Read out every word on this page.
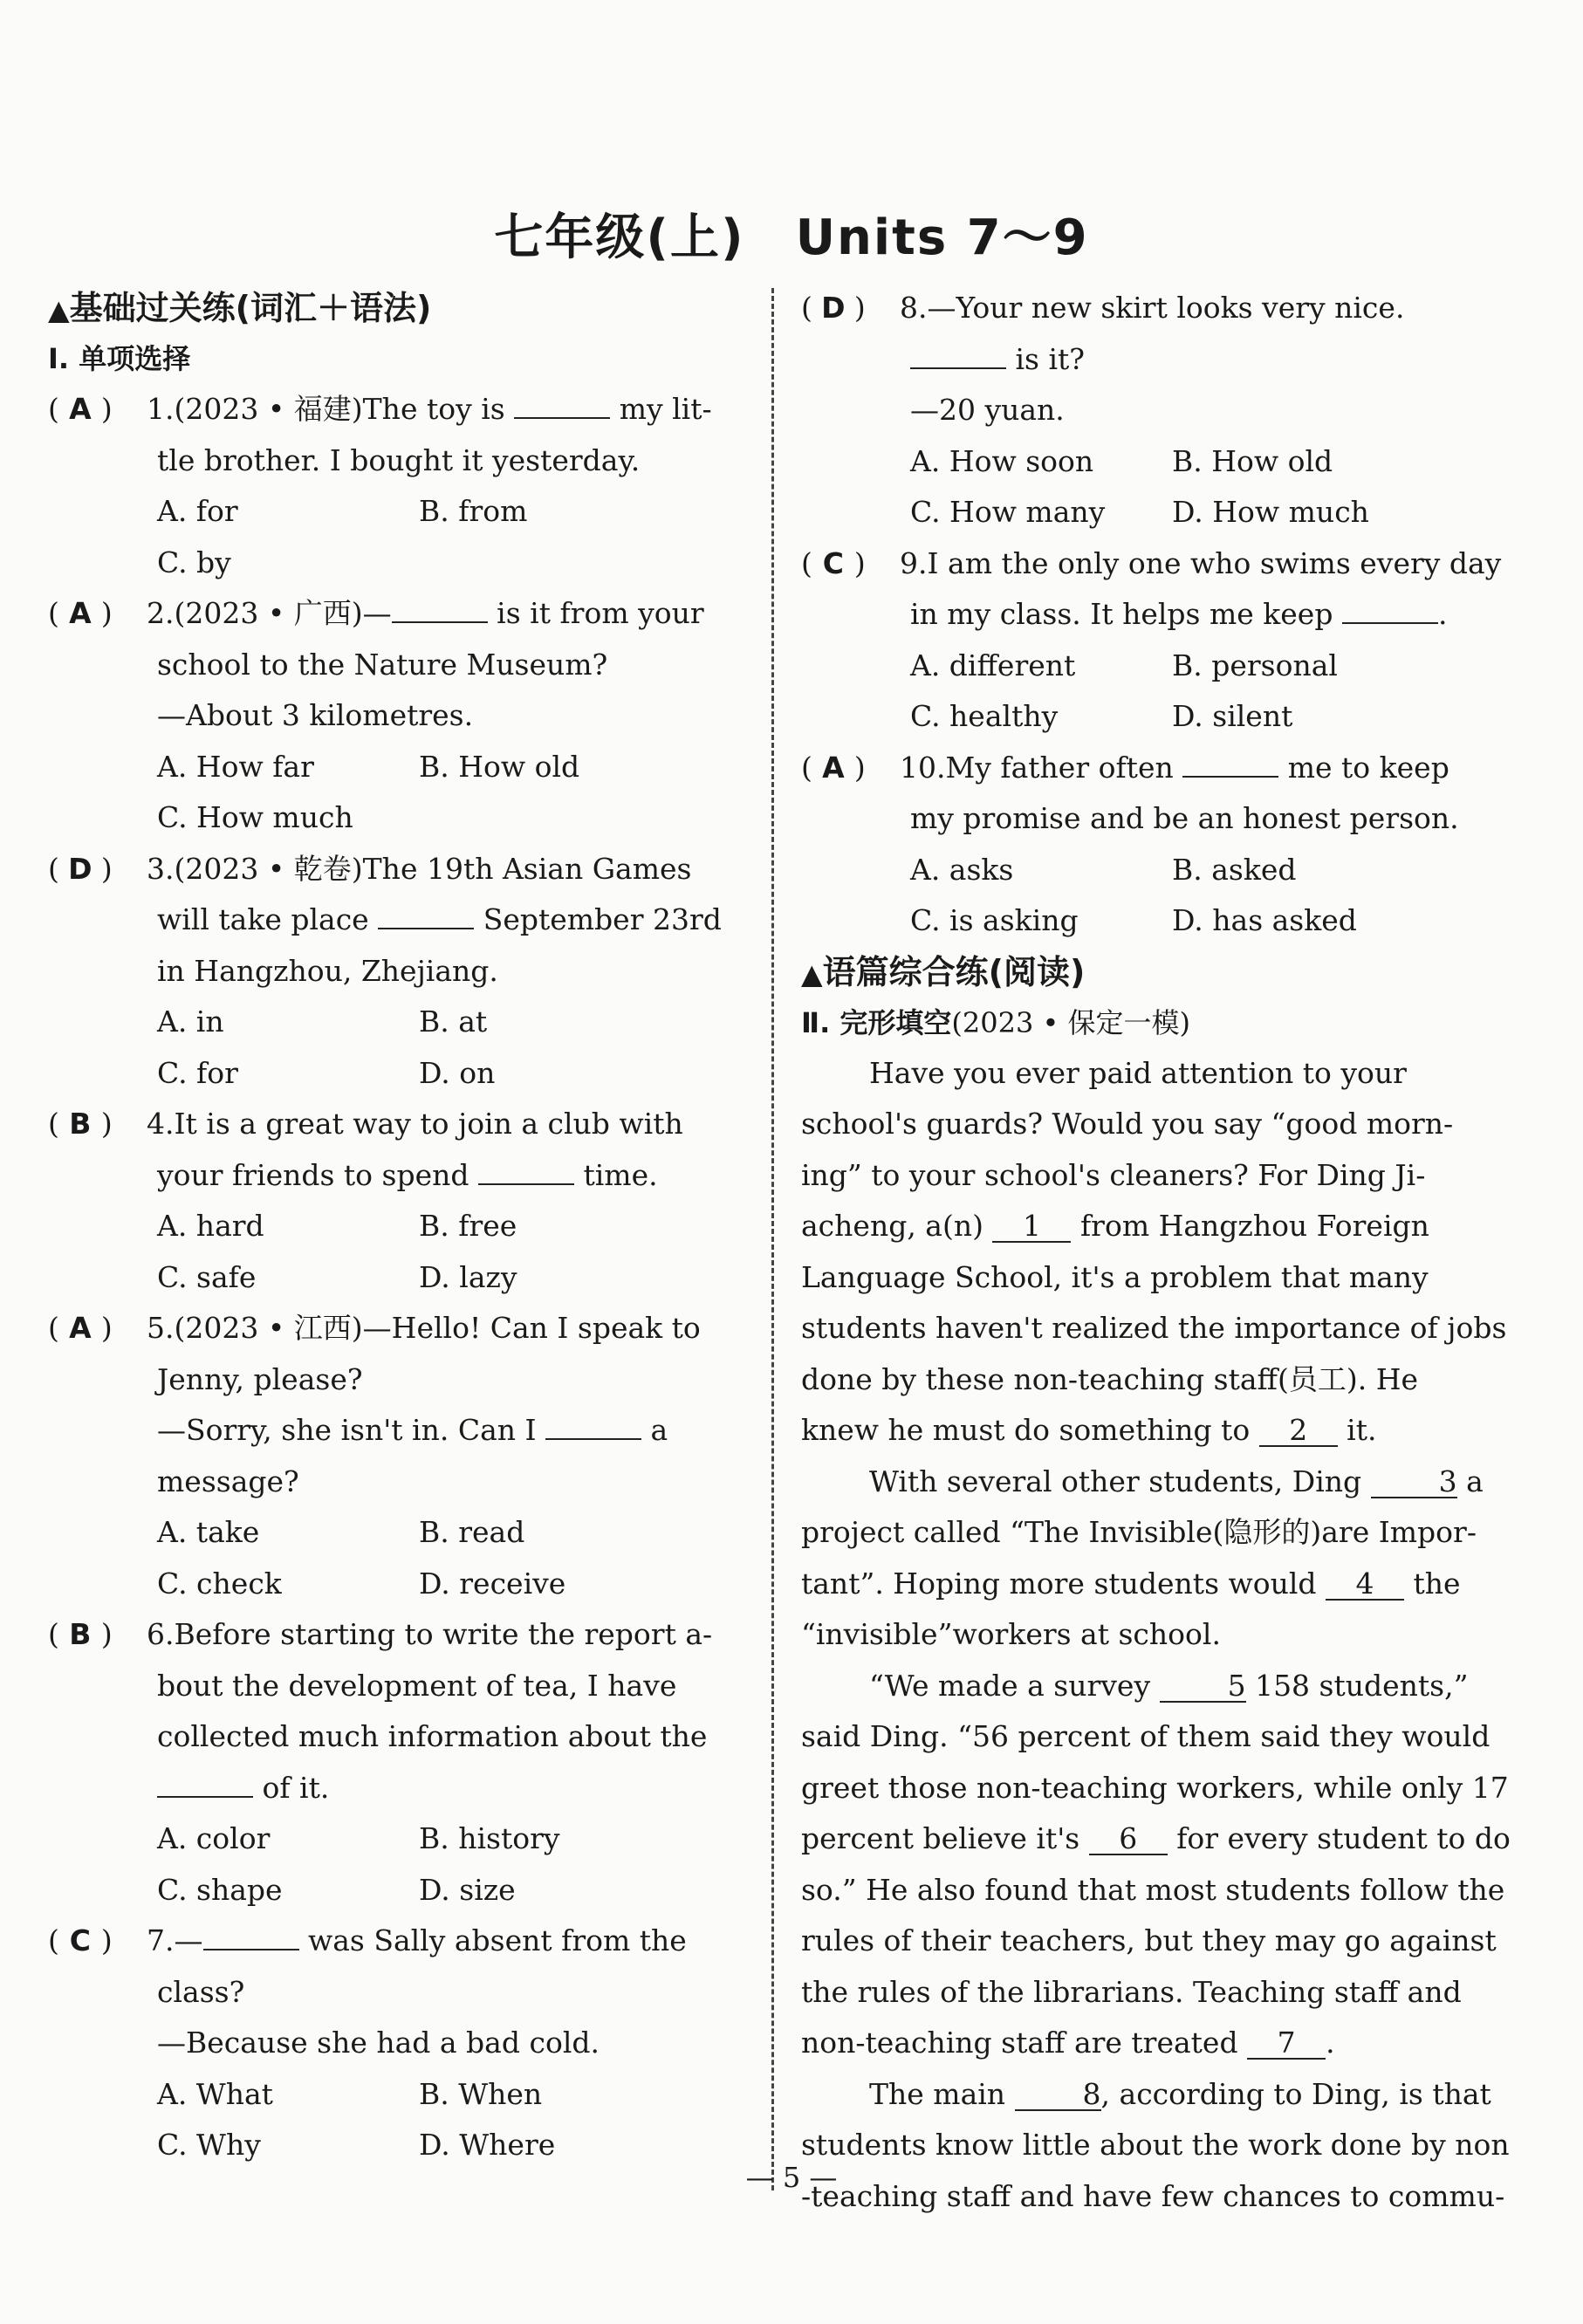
七年级(上)　Units 7～9
▲基础过关练(词汇＋语法)
Ⅰ. 单项选择
( A ) 1.(2023 • 福建)The toy is	my lit-
tle brother. I bought it yesterday.
A. for	B. from
C. by
( A ) 2.(2023 • 广西)—	is it from your
school to the Nature Museum?
—About 3 kilometres.
A. How far	B. How old
C. How much
( D ) 3.(2023 • 乾卷)The 19th Asian Games
will take place	September 23rd
in Hangzhou, Zhejiang.
A. in	B. at
C. for	D. on
( B ) 4.It is a great way to join a club with
your friends to spend	time.
A. hard	B. free
C. safe	D. lazy
( A ) 5.(2023 • 江西)—Hello! Can I speak to
Jenny, please?
—Sorry, she isn't in. Can I	a
message?
A. take	B. read
C. check	D. receive
( B ) 6.Before starting to write the report a-
bout the development of tea, I have
collected much information about the
of it.
A. color	B. history
C. shape	D. size
( C ) 7.—	was Sally absent from the
class?
—Because she had a bad cold.
A. What	B. When
C. Why	D. Where
( D ) 8.—Your new skirt looks very nice.
is it?
—20 yuan.
A. How soon	B. How old
C. How many	D. How much
( C ) 9.I am the only one who swims every day
in my class. It helps me keep	.
A. different	B. personal
C. healthy	D. silent
( A ) 10.My father often	me to keep
my promise and be an honest person.
A. asks	B. asked
C. is asking	D. has asked
▲语篇综合练(阅读)
Ⅱ. 完形填空(2023 • 保定一模)
Have you ever paid attention to your
school's guards? Would you say “good morn-
ing” to your school's cleaners? For Ding Ji-
acheng, a(n) 1 from Hangzhou Foreign
Language School, it's a problem that many
students haven't realized the importance of jobs
done by these non-teaching staff(员工). He
knew he must do something to 2 it.
With several other students, Ding 3 a
project called “The Invisible(隐形的)are Impor-
tant”. Hoping more students would 4 the
“invisible”workers at school.
“We made a survey 5 158 students,”
said Ding. “56 percent of them said they would
greet those non-teaching workers, while only 17
percent believe it's 6 for every student to do
so.” He also found that most students follow the
rules of their teachers, but they may go against
the rules of the librarians. Teaching staff and
non-teaching staff are treated 7 .
The main 8, according to Ding, is that
students know little about the work done by non
-teaching staff and have few chances to commu-
— 5 —
